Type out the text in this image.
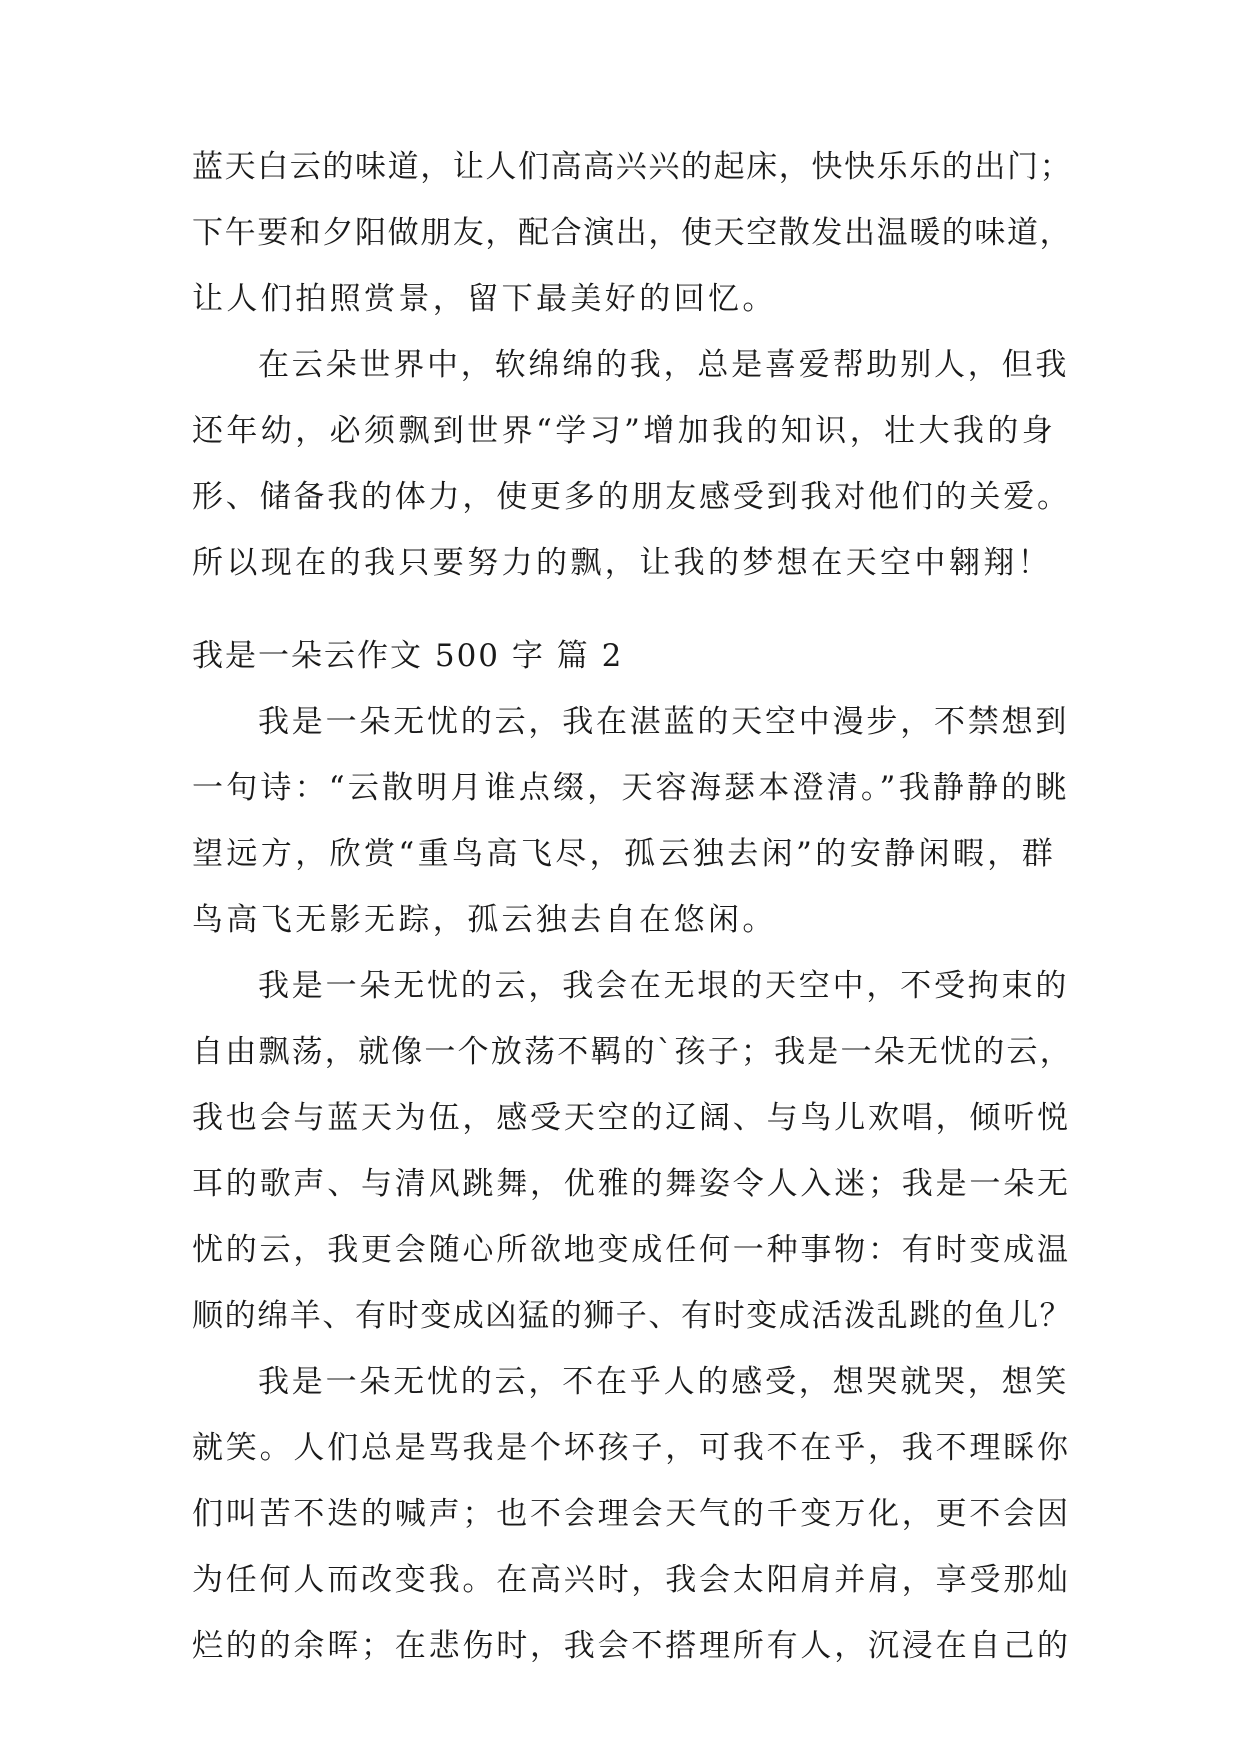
蓝天白云的味道，让人们高高兴兴的起床，快快乐乐的出门；
下午要和夕阳做朋友，配合演出，使天空散发出温暖的味道，
让人们拍照赏景，留下最美好的回忆。
在云朵世界中，软绵绵的我，总是喜爱帮助别人，但我
还年幼，必须飘到世界“学习”增加我的知识，壮大我的身
形、储备我的体力，使更多的朋友感受到我对他们的关爱。
所以现在的我只要努力的飘，让我的梦想在天空中翱翔！
我是一朵云作文 500 字 篇 2
我是一朵无忧的云，我在湛蓝的天空中漫步，不禁想到
一句诗：“云散明月谁点缀，天容海瑟本澄清。”我静静的眺
望远方，欣赏“重鸟高飞尽，孤云独去闲”的安静闲暇，群
鸟高飞无影无踪，孤云独去自在悠闲。
我是一朵无忧的云，我会在无垠的天空中，不受拘束的
自由飘荡，就像一个放荡不羁的`孩子；我是一朵无忧的云，
我也会与蓝天为伍，感受天空的辽阔、与鸟儿欢唱，倾听悦
耳的歌声、与清风跳舞，优雅的舞姿令人入迷；我是一朵无
忧的云，我更会随心所欲地变成任何一种事物：有时变成温
顺的绵羊、有时变成凶猛的狮子、有时变成活泼乱跳的鱼儿？
我是一朵无忧的云，不在乎人的感受，想哭就哭，想笑
就笑。人们总是骂我是个坏孩子，可我不在乎，我不理睬你
们叫苦不迭的喊声；也不会理会天气的千变万化，更不会因
为任何人而改变我。在高兴时，我会太阳肩并肩，享受那灿
烂的的余晖；在悲伤时，我会不搭理所有人，沉浸在自己的
